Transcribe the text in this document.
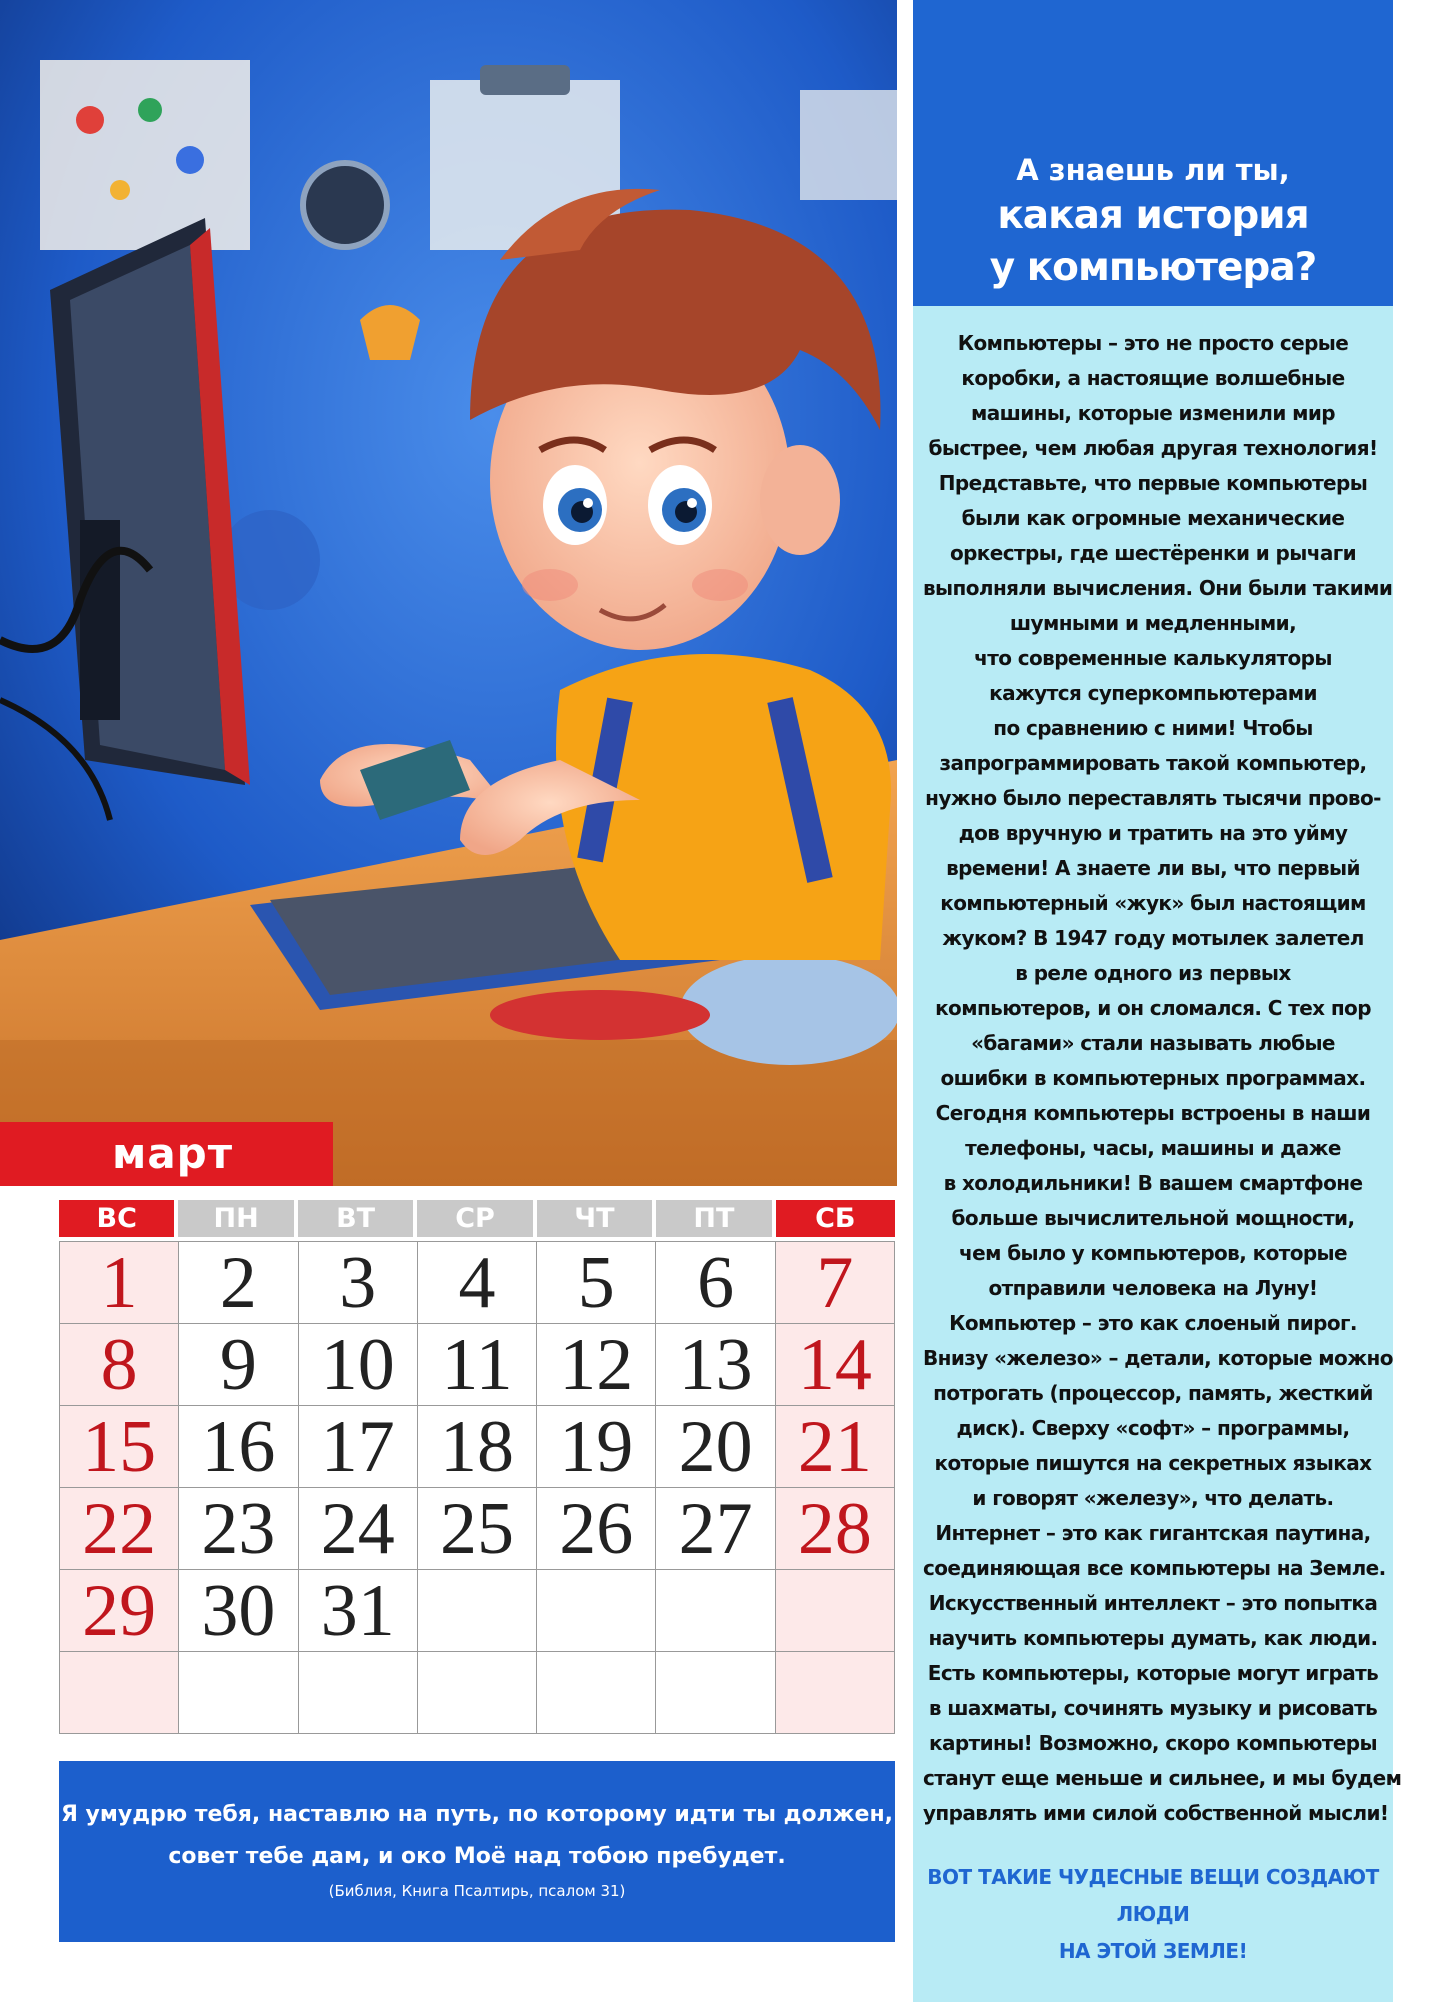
март
ВС	ПН	ВТ	СР	ЧТ	ПТ	СБ
1	2	3	4	5	6	7
8	9 10 11 12 13 14
15 16 17 18 19 20 21
22 23 24 25 26 27 28
29 30 31
Я умудрю тебя, наставлю на путь, по которому идти ты должен,
совет тебе дам, и око Моё над тобою пребудет.
(Библия, Книга Псалтирь, псалом 31)
А знаешь ли ты,
какая история
у компьютера?
Компьютеры – это не просто серые
коробки, а настоящие волшебные
машины, которые изменили мир
быстрее, чем любая другая технология!
Представьте, что первые компьютеры
были как огромные механические
оркестры, где шестёренки и рычаги
выполняли вычисления. Они были такими
шумными и медленными,
что современные калькуляторы
кажутся суперкомпьютерами
по сравнению с ними! Чтобы
запрограммировать такой компьютер,
нужно было переставлять тысячи прово-
дов вручную и тратить на это уйму
времени! А знаете ли вы, что первый
компьютерный «жук» был настоящим
жуком? В 1947 году мотылек залетел
в реле одного из первых
компьютеров, и он сломался. С тех пор
«багами» стали называть любые
ошибки в компьютерных программах.
Сегодня компьютеры встроены в наши
телефоны, часы, машины и даже
в холодильники! В вашем смартфоне
больше вычислительной мощности,
чем было у компьютеров, которые
отправили человека на Луну!
Компьютер – это как слоеный пирог.
Внизу «железо» – детали, которые можно
потрогать (процессор, память, жесткий
диск). Сверху «софт» – программы,
которые пишутся на секретных языках
и говорят «железу», что делать.
Интернет – это как гигантская паутина,
соединяющая все компьютеры на Земле.
Искусственный интеллект – это попытка
научить компьютеры думать, как люди.
Есть компьютеры, которые могут играть
в шахматы, сочинять музыку и рисовать
картины! Возможно, скоро компьютеры
станут еще меньше и сильнее, и мы будем
управлять ими силой собственной мысли!
ВОТ ТАКИЕ ЧУДЕСНЫЕ ВЕЩИ СОЗДАЮТ ЛЮДИ
НА ЭТОЙ ЗЕМЛЕ!
